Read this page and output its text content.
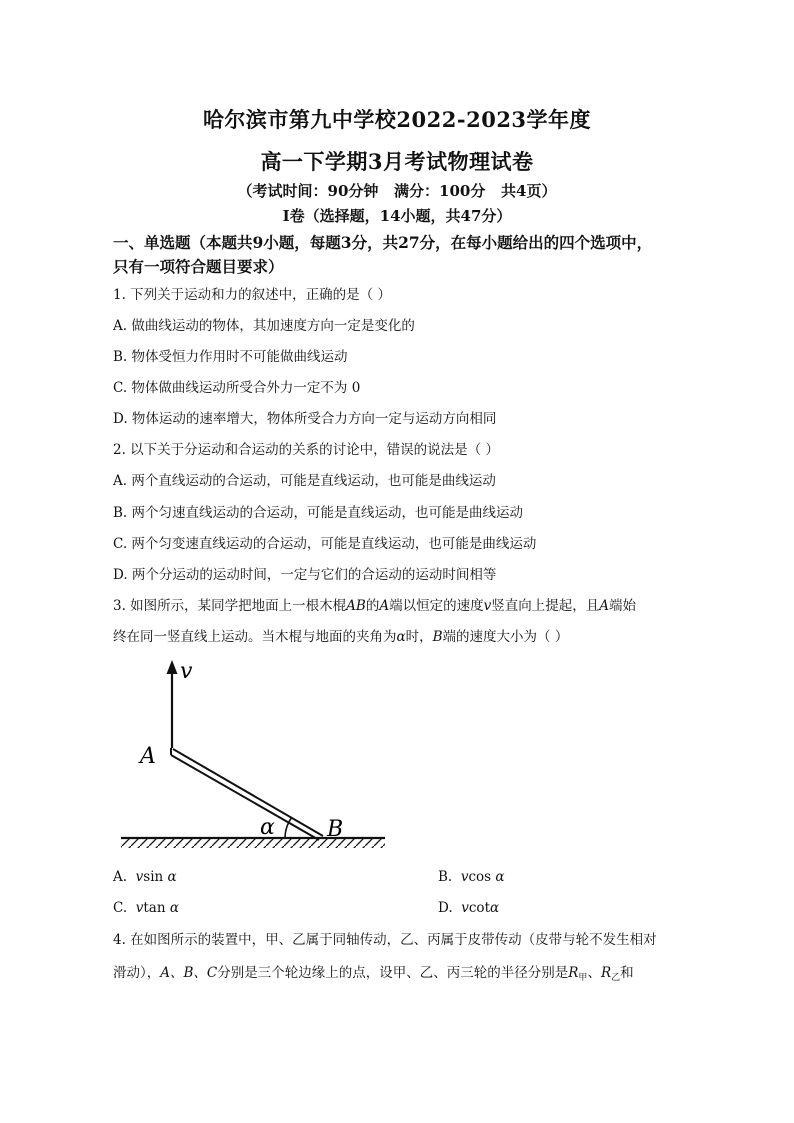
哈尔滨市第九中学校2022-2023学年度
高一下学期3月考试物理试卷
（考试时间：90分钟   满分：100分   共4页）
I卷（选择题，14小题，共47分）
一、单选题（本题共9小题，每题3分，共27分，在每小题给出的四个选项中，
只有一项符合题目要求）
1. 下列关于运动和力的叙述中，正确的是（ ）
A. 做曲线运动的物体，其加速度方向一定是变化的
B. 物体受恒力作用时不可能做曲线运动
C. 物体做曲线运动所受合外力一定不为 0
D. 物体运动的速率增大，物体所受合力方向一定与运动方向相同
2. 以下关于分运动和合运动的关系的讨论中，错误的说法是（ ）
A. 两个直线运动的合运动，可能是直线运动，也可能是曲线运动
B. 两个匀速直线运动的合运动，可能是直线运动，也可能是曲线运动
C. 两个匀变速直线运动的合运动，可能是直线运动，也可能是曲线运动
D. 两个分运动的运动时间，一定与它们的合运动的运动时间相等
3. 如图所示，某同学把地面上一根木棍AB的A端以恒定的速度v竖直向上提起，且A端始
终在同一竖直线上运动。当木棍与地面的夹角为α时，B端的速度大小为（ ）
v
A
B
α
A. vsin α	B. vcos α
C. vtan α	D. vcotα
4. 在如图所示的装置中，甲、乙属于同轴传动，乙、丙属于皮带传动（皮带与轮不发生相对
滑动），A、B、C分别是三个轮边缘上的点，设甲、乙、丙三轮的半径分别是$R_甲$、$R_乙$和
